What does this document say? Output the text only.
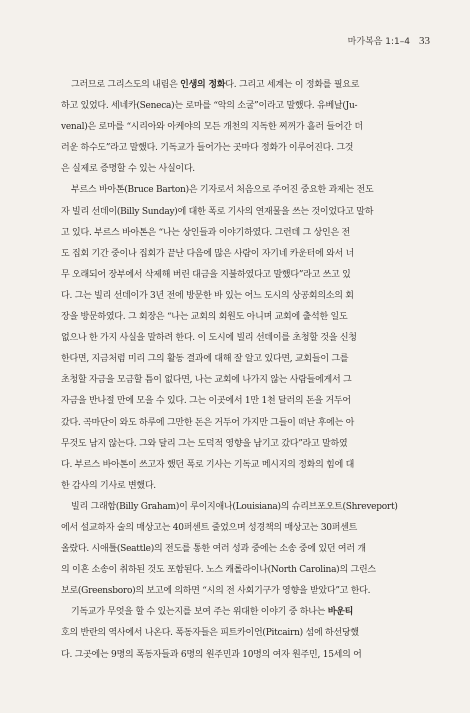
마가복음 1:1–4 33
그러므로 그리스도의 내림은 인생의 정화다. 그리고 세계는 이 정화를 필요로
하고 있었다. 세네카(Seneca)는 로마를 “악의 소굴”이라고 말했다. 유베날(Ju-
venal)은 로마를 “시리아와 아케야의 모든 개천의 지독한 찌꺼가 흘러 들어간 더
러운 하수도”라고 말했다. 기독교가 들어가는 곳마다 정화가 이루어진다. 그것
은 실제로 증명할 수 있는 사실이다.
부르스 바아톤(Bruce Barton)은 기자로서 처음으로 주어진 중요한 과제는 전도
자 빌리 선데이(Billy Sunday)에 대한 폭로 기사의 연재물을 쓰는 것이었다고 말하
고 있다. 부르스 바아톤은 “나는 상인들과 이야기하였다. 그런데 그 상인은 전
도 집회 기간 중이나 집회가 끝난 다음에 많은 사람이 자기네 카운터에 와서 너
무 오래되어 장부에서 삭제해 버린 대금을 지불하였다고 말했다”라고 쓰고 있
다. 그는 빌리 선데이가 3년 전에 방문한 바 있는 어느 도시의 상공회의소의 회
장을 방문하였다. 그 회장은 “나는 교회의 회원도 아니며 교회에 출석한 일도
없으나 한 가지 사실을 말하려 한다. 이 도시에 빌리 선데이를 초청할 것을 신청
한다면, 지금처럼 미리 그의 활동 결과에 대해 잘 알고 있다면, 교회들이 그를
초청할 자금을 모금할 틈이 없다면, 나는 교회에 나가지 않는 사람들에게서 그
자금을 반나절 만에 모을 수 있다. 그는 이곳에서 1만 1천 달러의 돈을 거두어
갔다. 곡마단이 와도 하루에 그만한 돈은 거두어 가지만 그들이 떠난 후에는 아
무것도 남지 않는다. 그와 달리 그는 도덕적 영향을 남기고 갔다”라고 말하였
다. 부르스 바아톤이 쓰고자 했던 폭로 기사는 기독교 메시지의 정화의 힘에 대
한 감사의 기사로 변했다.
빌리 그래함(Billy Graham)이 루이지애나(Louisiana)의 슈리브포오트(Shreveport)
에서 설교하자 술의 매상고는 40퍼센트 줄었으며 성경책의 매상고는 30퍼센트
올랐다. 시애틀(Seattle)의 전도를 통한 여러 성과 중에는 소송 중에 있던 여러 개
의 이혼 소송이 취하된 것도 포함된다. 노스 캐롤라이나(North Carolina)의 그린스
보로(Greensboro)의 보고에 의하면 “시의 전 사회기구가 영향을 받았다”고 한다.
기독교가 무엇을 할 수 있는지를 보여 주는 위대한 이야기 중 하나는 바운티
호의 반란의 역사에서 나온다. 폭동자들은 피트카이언(Pitcairn) 섬에 하선당했
다. 그곳에는 9명의 폭동자들과 6명의 원주민과 10명의 여자 원주민, 15세의 어
